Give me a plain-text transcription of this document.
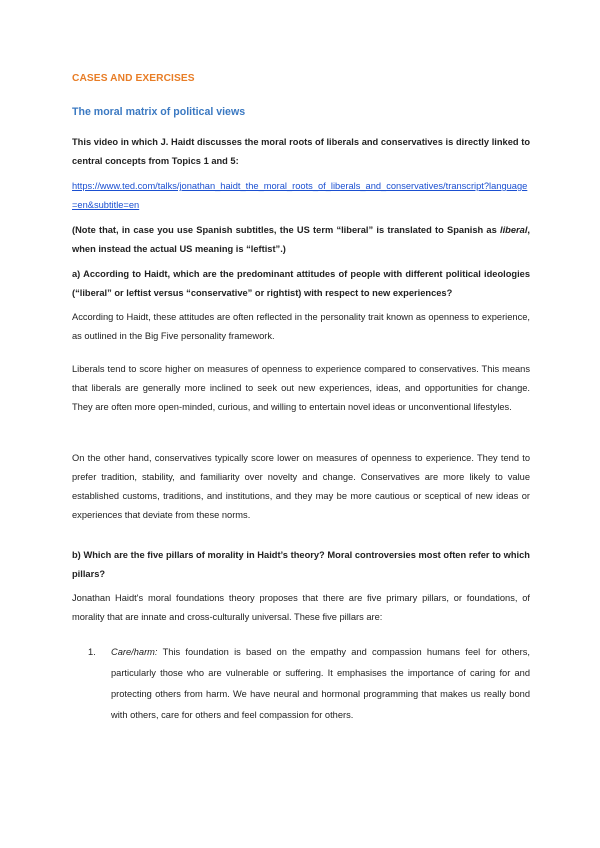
CASES AND EXERCISES
The moral matrix of political views
This video in which J. Haidt discusses the moral roots of liberals and conservatives is directly linked to central concepts from Topics 1 and 5:
https://www.ted.com/talks/jonathan_haidt_the_moral_roots_of_liberals_and_conservatives/transcript?language=en&subtitle=en
(Note that, in case you use Spanish subtitles, the US term “liberal” is translated to Spanish as liberal, when instead the actual US meaning is “leftist”.)
a) According to Haidt, which are the predominant attitudes of people with different political ideologies (“liberal” or leftist versus “conservative” or rightist) with respect to new experiences?
According to Haidt, these attitudes are often reflected in the personality trait known as openness to experience, as outlined in the Big Five personality framework.
Liberals tend to score higher on measures of openness to experience compared to conservatives. This means that liberals are generally more inclined to seek out new experiences, ideas, and opportunities for change. They are often more open-minded, curious, and willing to entertain novel ideas or unconventional lifestyles.
On the other hand, conservatives typically score lower on measures of openness to experience. They tend to prefer tradition, stability, and familiarity over novelty and change. Conservatives are more likely to value established customs, traditions, and institutions, and they may be more cautious or sceptical of new ideas or experiences that deviate from these norms.
b) Which are the five pillars of morality in Haidt’s theory? Moral controversies most often refer to which pillars?
Jonathan Haidt's moral foundations theory proposes that there are five primary pillars, or foundations, of morality that are innate and cross-culturally universal. These five pillars are:
1. Care/harm: This foundation is based on the empathy and compassion humans feel for others, particularly those who are vulnerable or suffering. It emphasises the importance of caring for and protecting others from harm. We have neural and hormonal programming that makes us really bond with others, care for others and feel compassion for others.
